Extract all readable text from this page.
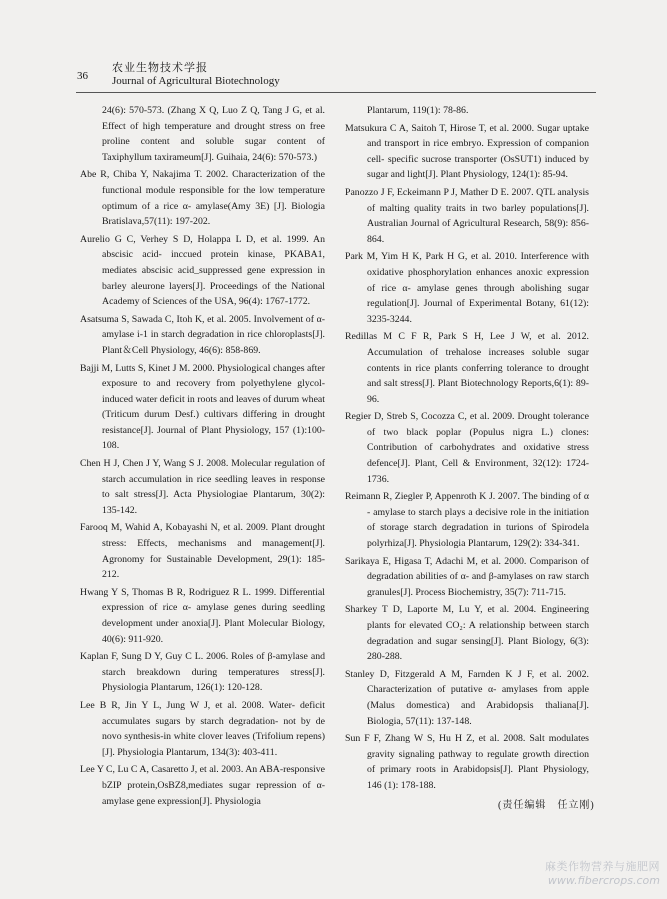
36
农业生物技术学报
Journal of Agricultural Biotechnology

24(6): 570-573. (Zhang X Q, Luo Z Q, Tang J G, et al. Effect of high temperature and drought stress on free proline content and soluble sugar content of Taxiphyllum taxirameum[J]. Guihaia, 24(6): 570-573.)

Abe R, Chiba Y, Nakajima T. 2002. Characterization of the functional module responsible for the low temperature optimum of a rice α- amylase(Amy 3E) [J]. Biologia Bratislava,57(11): 197-202.

Aurelio G C, Verhey S D, Holappa L D, et al. 1999. An abscisic acid- inccued protein kinase, PKABA1, mediates abscisic acid_suppressed gene expression in barley aleurone layers[J]. Proceedings of the National Academy of Sciences of the USA, 96(4): 1767-1772.

Asatsuma S, Sawada C, Itoh K, et al. 2005. Involvement of α-amylase i-1 in starch degradation in rice chloroplasts[J]. Plant＆Cell Physiology, 46(6): 858-869.

Bajji M, Lutts S, Kinet J M. 2000. Physiological changes after exposure to and recovery from polyethylene glycol-induced water deficit in roots and leaves of durum wheat (Triticum durum Desf.) cultivars differing in drought resistance[J]. Journal of Plant Physiology, 157 (1):100-108.

Chen H J, Chen J Y, Wang S J. 2008. Molecular regulation of starch accumulation in rice seedling leaves in response to salt stress[J]. Acta Physiologiae Plantarum, 30(2): 135-142.

Farooq M, Wahid A, Kobayashi N, et al. 2009. Plant drought stress: Effects, mechanisms and management[J]. Agronomy for Sustainable Development, 29(1): 185-212.

Hwang Y S, Thomas B R, Rodriguez R L. 1999. Differential expression of rice α- amylase genes during seedling development under anoxia[J]. Plant Molecular Biology, 40(6): 911-920.

Kaplan F, Sung D Y, Guy C L. 2006. Roles of β-amylase and starch breakdown during temperatures stress[J]. Physiologia Plantarum, 126(1): 120-128.

Lee B R, Jin Y L, Jung W J, et al. 2008. Water- deficit accumulates sugars by starch degradation- not by de novo synthesis-in white clover leaves (Trifolium repens) [J]. Physiologia Plantarum, 134(3): 403-411.

Lee Y C, Lu C A, Casaretto J, et al. 2003. An ABA-responsive bZIP protein,OsBZ8,mediates sugar repression of α-amylase gene expression[J]. Physiologia

Plantarum, 119(1): 78-86.

Matsukura C A, Saitoh T, Hirose T, et al. 2000. Sugar uptake and transport in rice embryo. Expression of companion cell- specific sucrose transporter (OsSUT1) induced by sugar and light[J]. Plant Physiology, 124(1): 85-94.

Panozzo J F, Eckeimann P J, Mather D E. 2007. QTL analysis of malting quality traits in two barley populations[J]. Australian Journal of Agricultural Research, 58(9): 856-864.

Park M, Yim H K, Park H G, et al. 2010. Interference with oxidative phosphorylation enhances anoxic expression of rice α- amylase genes through abolishing sugar regulation[J]. Journal of Experimental Botany, 61(12): 3235-3244.

Redillas M C F R, Park S H, Lee J W, et al. 2012. Accumulation of trehalose increases soluble sugar contents in rice plants conferring tolerance to drought and salt stress[J]. Plant Biotechnology Reports,6(1): 89-96.

Regier D, Streb S, Cocozza C, et al. 2009. Drought tolerance of two black poplar (Populus nigra L.) clones: Contribution of carbohydrates and oxidative stress defence[J]. Plant, Cell & Environment, 32(12): 1724-1736.

Reimann R, Ziegler P, Appenroth K J. 2007. The binding of α - amylase to starch plays a decisive role in the initiation of storage starch degradation in turions of Spirodela polyrhiza[J]. Physiologia Plantarum, 129(2): 334-341.

Sarikaya E, Higasa T, Adachi M, et al. 2000. Comparison of degradation abilities of α- and β-amylases on raw starch granules[J]. Process Biochemistry, 35(7): 711-715.

Sharkey T D, Laporte M, Lu Y, et al. 2004. Engineering plants for elevated CO₂: A relationship between starch degradation and sugar sensing[J]. Plant Biology, 6(3): 280-288.

Stanley D, Fitzgerald A M, Farnden K J F, et al. 2002. Characterization of putative α- amylases from apple (Malus domestica) and Arabidopsis thaliana[J]. Biologia, 57(11): 137-148.

Sun F F, Zhang W S, Hu H Z, et al. 2008. Salt modulates gravity signaling pathway to regulate growth direction of primary roots in Arabidopsis[J]. Plant Physiology, 146 (1): 178-188.

(责任编辑　任立刚)
麻类作物营养与施肥网
www.fibercrops.com
